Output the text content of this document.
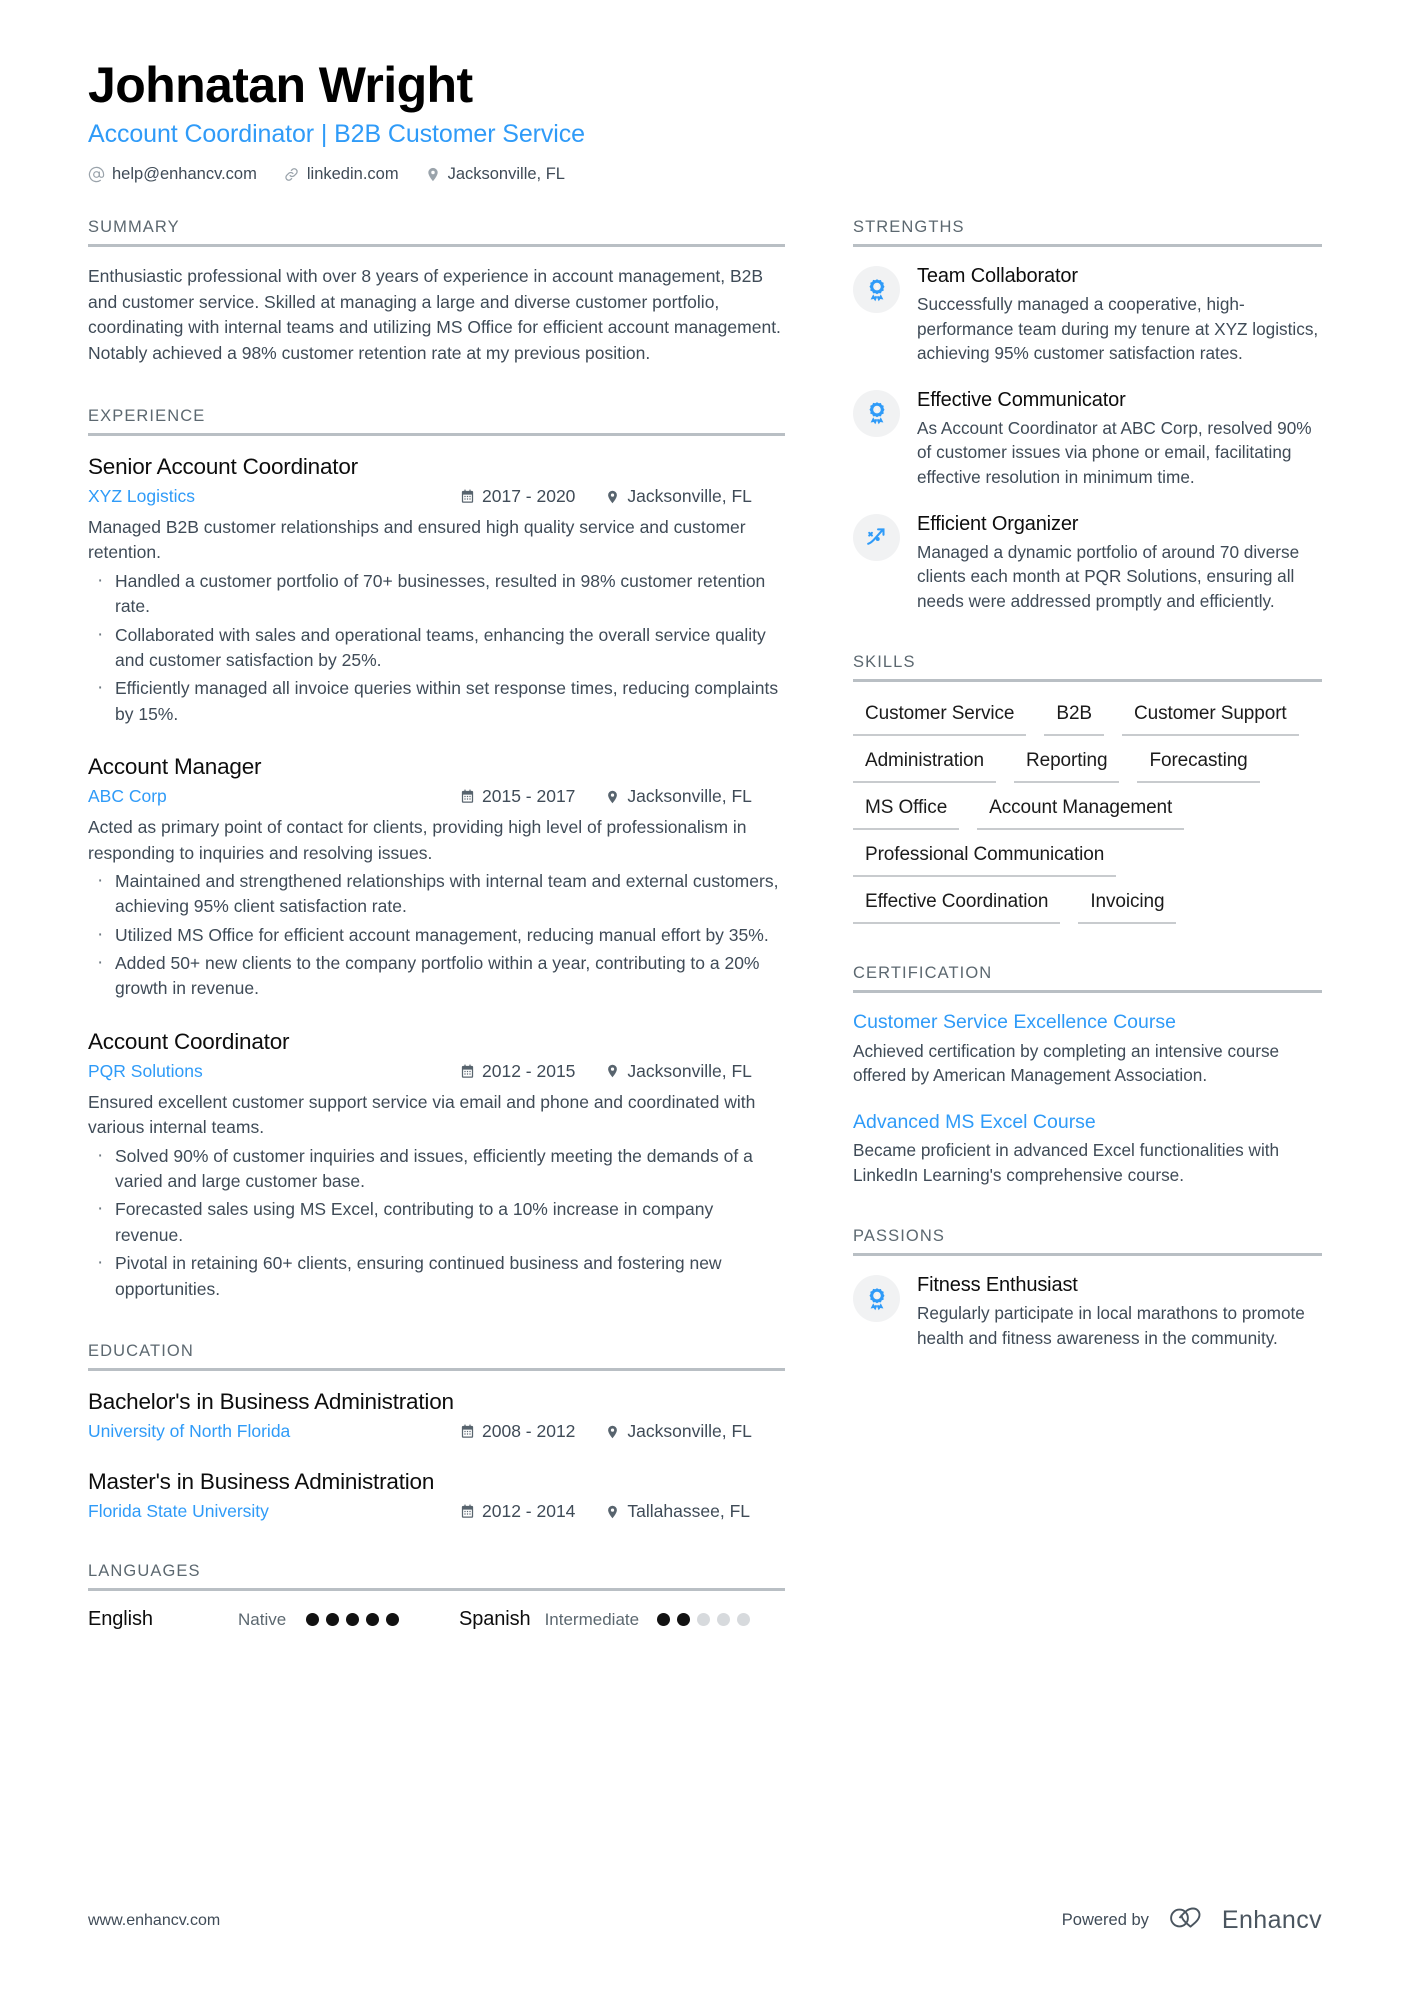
Johnatan Wright
Account Coordinator | B2B Customer Service
help@enhancv.com	linkedin.com	Jacksonville, FL
SUMMARY

Enthusiastic professional with over 8 years of experience in account management, B2B and customer service. Skilled at managing a large and diverse customer portfolio, coordinating with internal teams and utilizing MS Office for efficient account management. Notably achieved a 98% customer retention rate at my previous position.

EXPERIENCE
Senior Account Coordinator
XYZ Logistics	2017 - 2020	Jacksonville, FL
Managed B2B customer relationships and ensured high quality service and customer retention.
· Handled a customer portfolio of 70+ businesses, resulted in 98% customer retention rate.
· Collaborated with sales and operational teams, enhancing the overall service quality and customer satisfaction by 25%.
· Efficiently managed all invoice queries within set response times, reducing complaints by 15%.
Account Manager
ABC Corp	2015 - 2017	Jacksonville, FL
Acted as primary point of contact for clients, providing high level of professionalism in responding to inquiries and resolving issues.
· Maintained and strengthened relationships with internal team and external customers, achieving 95% client satisfaction rate.
· Utilized MS Office for efficient account management, reducing manual effort by 35%.
· Added 50+ new clients to the company portfolio within a year, contributing to a 20% growth in revenue.
Account Coordinator
PQR Solutions	2012 - 2015	Jacksonville, FL
Ensured excellent customer support service via email and phone and coordinated with various internal teams.
· Solved 90% of customer inquiries and issues, efficiently meeting the demands of a varied and large customer base.
· Forecasted sales using MS Excel, contributing to a 10% increase in company revenue.
· Pivotal in retaining 60+ clients, ensuring continued business and fostering new opportunities.
EDUCATION
Bachelor's in Business Administration
University of North Florida	2008 - 2012	Jacksonville, FL
Master's in Business Administration
Florida State University	2012 - 2014	Tallahassee, FL
LANGUAGES
English	Native	Spanish Intermediate
STRENGTHS
1
Team Collaborator
Successfully managed a cooperative, high-performance team during my tenure at XYZ logistics, achieving 95% customer satisfaction rates.
1
Effective Communicator
As Account Coordinator at ABC Corp, resolved 90% of customer issues via phone or email, facilitating effective resolution in minimum time.
Efficient Organizer
Managed a dynamic portfolio of around 70 diverse clients each month at PQR Solutions, ensuring all needs were addressed promptly and efficiently.
SKILLS
Customer Service	B2B	Customer Support
Administration	Reporting	Forecasting
MS Office	Account Management
Professional Communication
Effective Coordination	Invoicing
CERTIFICATION
Customer Service Excellence Course
Achieved certification by completing an intensive course offered by American Management Association.
Advanced MS Excel Course
Became proficient in advanced Excel functionalities with LinkedIn Learning's comprehensive course.
PASSIONS
1
Fitness Enthusiast
Regularly participate in local marathons to promote health and fitness awareness in the community.
www.enhancv.com	Powered by	Enhancv
